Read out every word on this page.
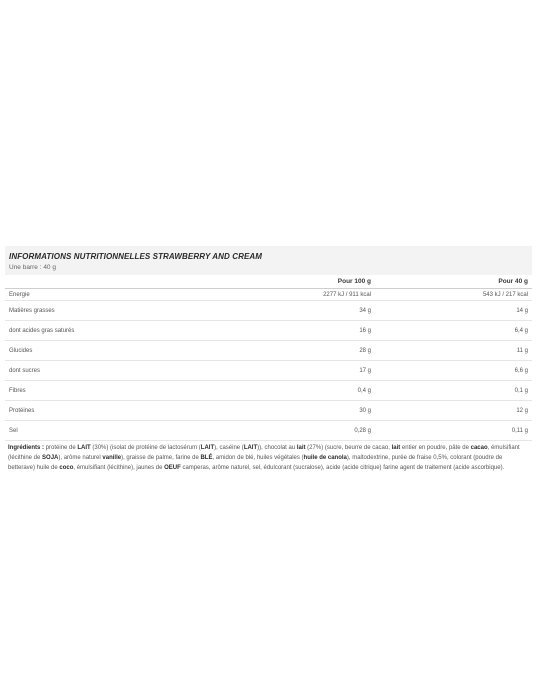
INFORMATIONS NUTRITIONNELLES STRAWBERRY AND CREAM
Une barre : 40 g
	Pour 100 g	Pour 40 g
Energie	2277 kJ / 911 kcal	543 kJ / 217 kcal
Matières grasses	34 g	14 g
dont acides gras saturés	16 g	6,4 g
Glucides	28 g	11 g
dont sucres	17 g	6,6 g
Fibres	0,4 g	0,1 g
Protéines	30 g	12 g
Sel	0,28 g	0,11 g
Ingrédients : protéine de LAIT (30%) (isolat de protéine de lactosérum (LAIT), caséine (LAIT)), chocolat au lait (27%) (sucre, beurre de cacao, lait entier en poudre, pâte de cacao, émulsifiant (lécithine de SOJA), arôme naturel vanille), graisse de palme, farine de BLÉ, amidon de blé, huiles végétales (huile de canola), maltodextrine, purée de fraise 0,5%, colorant (poudre de betterave) huile de coco, émulsifiant (lécithine), jaunes de OEUF camperas, arôme naturel, sel, édulcorant (sucralose), acide (acide citrique) farine agent de traitement (acide ascorbique).
